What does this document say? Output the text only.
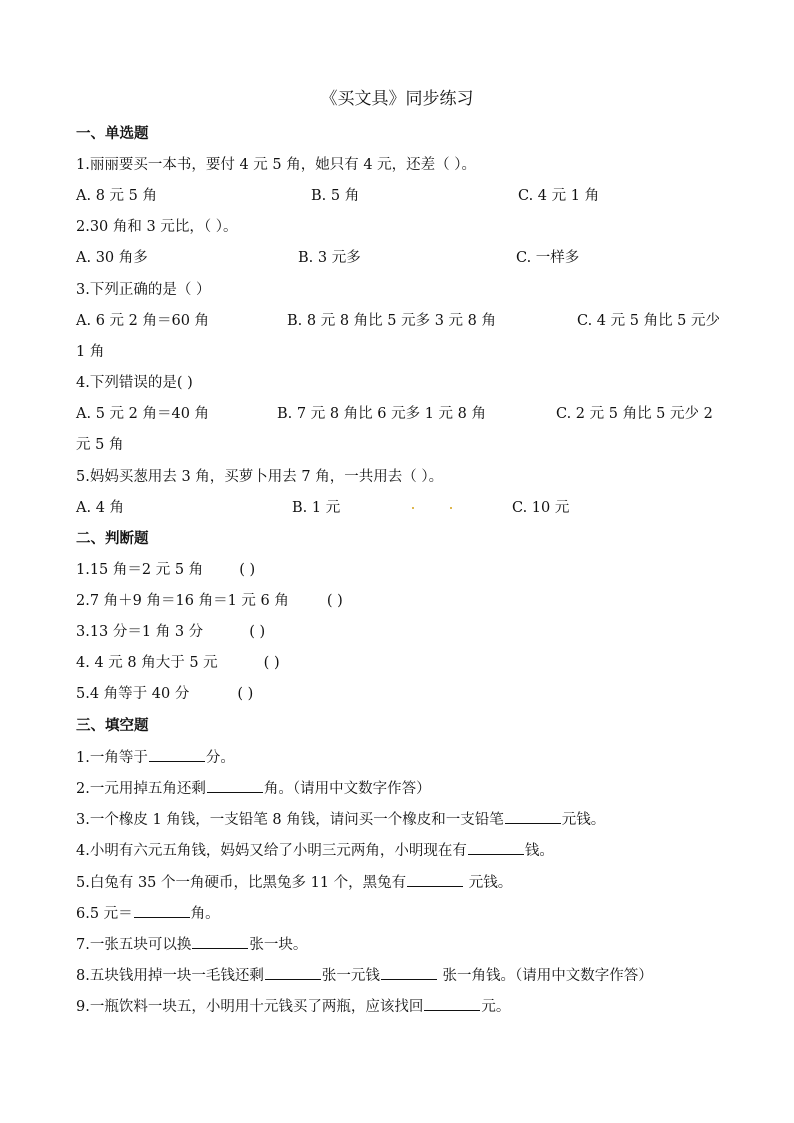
《买文具》同步练习
一、单选题
1.丽丽要买一本书，要付 4 元 5 角，她只有 4 元，还差（ ）。
A. 8 元 5 角	B. 5 角	C. 4 元 1 角
2.30 角和 3 元比，（ ）。
A. 30 角多	B. 3 元多	C. 一样多
3.下列正确的是（ ）
A. 6 元 2 角＝60 角	B. 8 元 8 角比 5 元多 3 元 8 角	C. 4 元 5 角比 5 元少
1 角
4.下列错误的是( )
A. 5 元 2 角＝40 角	B. 7 元 8 角比 6 元多 1 元 8 角	C. 2 元 5 角比 5 元少 2
元 5 角
5.妈妈买葱用去 3 角，买萝卜用去 7 角，一共用去（ ）。
A. 4 角	B. 1 元	C. 10 元
二、判断题
1.15 角＝2 元 5 角 ( )
2.7 角＋9 角＝16 角＝1 元 6 角	( )
3.13 分＝1 角 3 分	( )
4. 4 元 8 角大于 5 元	( )
5.4 角等于 40 分	( )
三、填空题
1.一角等于	分。
2.一元用掉五角还剩	角。（请用中文数字作答）
3.一个橡皮 1 角钱，一支铅笔 8 角钱，请问买一个橡皮和一支铅笔	元钱。
4.小明有六元五角钱，妈妈又给了小明三元两角，小明现在有	钱。
5.白兔有 35 个一角硬币，比黑兔多 11 个，黑兔有	元钱。
6.5 元＝	角。
7.一张五块可以换	张一块。
8.五块钱用掉一块一毛钱还剩	张一元钱	张一角钱。（请用中文数字作答）
9.一瓶饮料一块五，小明用十元钱买了两瓶，应该找回	元。
